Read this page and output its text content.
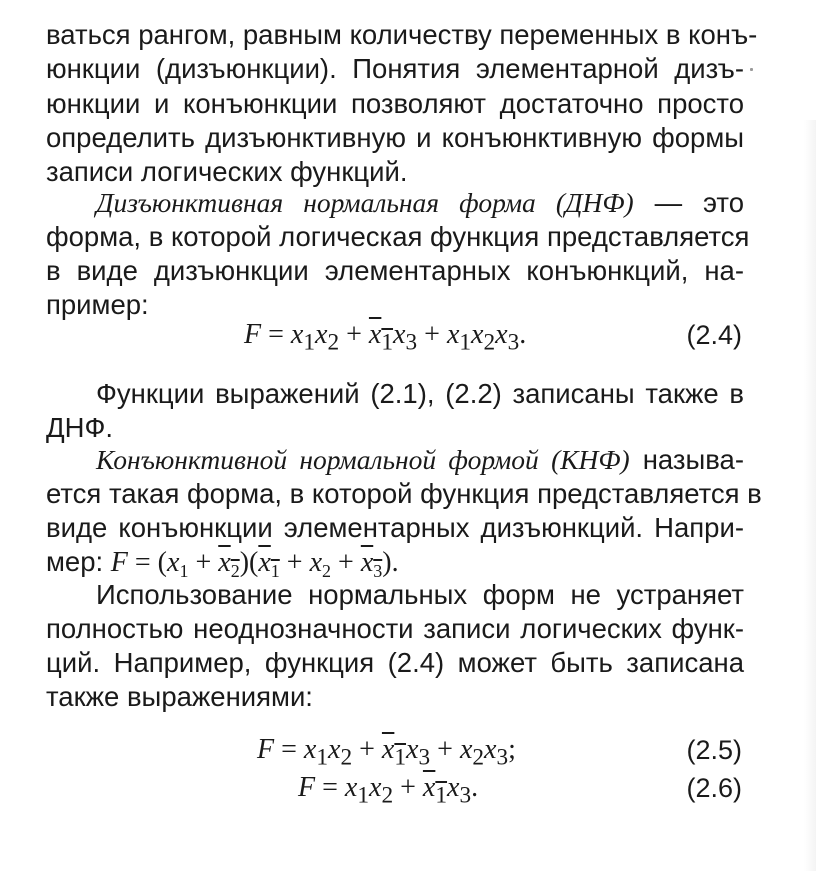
ваться рангом, равным количеству переменных в конъ-
юнкции (дизъюнкции). Понятия элементарной дизъ-
юнкции и конъюнкции позволяют достаточно просто
определить дизъюнктивную и конъюнктивную формы
записи логических функций.
Дизъюнктивная нормальная форма (ДНФ) — это
форма, в которой логическая функция представляется
в виде дизъюнкции элементарных конъюнкций, на-
пример:
$F = x_1x_2 + x_1x_3 + x_1x_2x_3$.	(2.4)
Функции выражений (2.1), (2.2) записаны также в
ДНФ.
Конъюнктивной нормальной формой (КНФ) называ-
ется такая форма, в которой функция представляется в
виде конъюнкции элементарных дизъюнкций. Напри-
мер: $F = (x_1 + x_2)(x_1 + x_2 + x_3)$.
Использование нормальных форм не устраняет
полностью неоднозначности записи логических функ-
ций. Например, функция (2.4) может быть записана
также выражениями:
$F = x_1x_2 + x_1x_3 + x_2x_3$;	(2.5)
$F = x_1x_2 + x_1x_3$.	(2.6)
